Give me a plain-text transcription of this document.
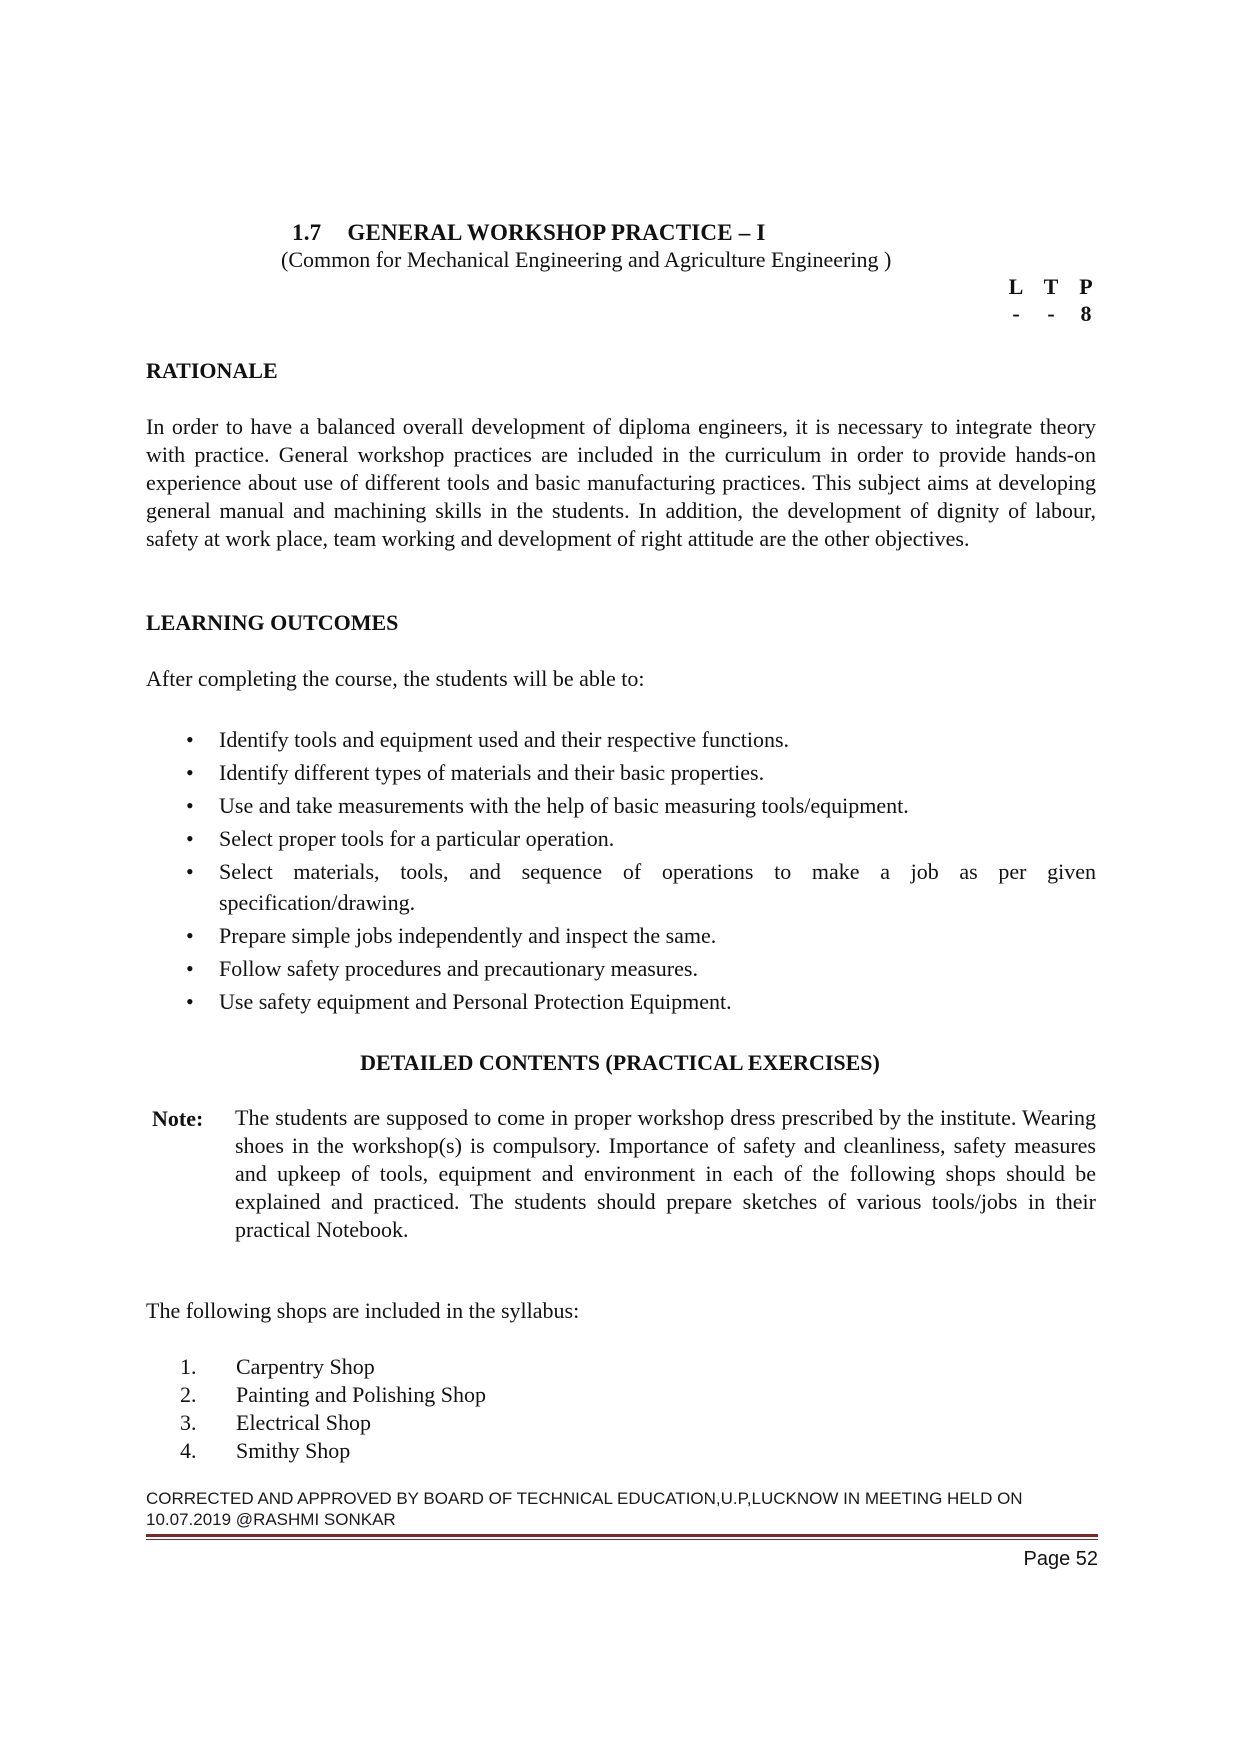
1.7 GENERAL WORKSHOP PRACTICE – I
(Common for Mechanical Engineering and Agriculture Engineering )
L T P
-	-	8
RATIONALE
In order to have a balanced overall development of diploma engineers, it is necessary to integrate theory with practice. General workshop practices are included in the curriculum in order to provide hands-on experience about use of different tools and basic manufacturing practices. This subject aims at developing general manual and machining skills in the students. In addition, the development of dignity of labour, safety at work place, team working and development of right attitude are the other objectives.
LEARNING OUTCOMES
After completing the course, the students will be able to:
• Identify tools and equipment used and their respective functions.
• Identify different types of materials and their basic properties.
• Use and take measurements with the help of basic measuring tools/equipment.
• Select proper tools for a particular operation.
• Select materials, tools, and sequence of operations to make a job as per given specification/drawing.
• Prepare simple jobs independently and inspect the same.
• Follow safety procedures and precautionary measures.
• Use safety equipment and Personal Protection Equipment.
DETAILED CONTENTS (PRACTICAL EXERCISES)
Note: The students are supposed to come in proper workshop dress prescribed by the institute. Wearing shoes in the workshop(s) is compulsory. Importance of safety and cleanliness, safety measures and upkeep of tools, equipment and environment in each of the following shops should be explained and practiced. The students should prepare sketches of various tools/jobs in their practical Notebook.
The following shops are included in the syllabus:
1. Carpentry Shop
2. Painting and Polishing Shop
3. Electrical Shop
4. Smithy Shop
CORRECTED AND APPROVED BY BOARD OF TECHNICAL EDUCATION,U.P,LUCKNOW IN MEETING HELD ON 10.07.2019 @RASHMI SONKAR
Page 52
